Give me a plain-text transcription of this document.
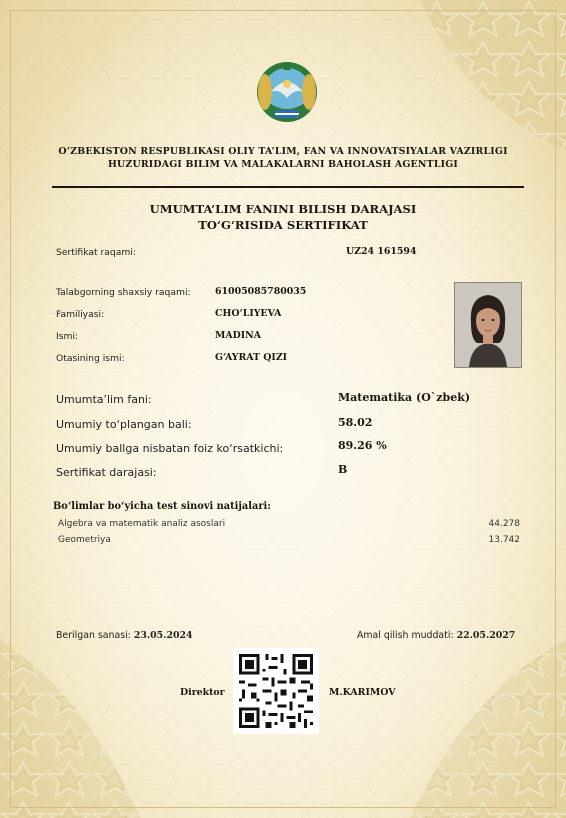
O‘ZBEKISTON RESPUBLIKASI OLIY TA’LIM, FAN VA INNOVATSIYALAR VAZIRLIGI
HUZURIDAGI BILIM VA MALAKALARNI BAHOLASH AGENTLIGI
UMUMTA’LIM FANINI BILISH DARAJASI
TO‘G‘RISIDA SERTIFIKAT
Sertifikat raqami:	UZ24 161594
Talabgorning shaxsiy raqami:	61005085780035
Familiyasi:	CHO‘LIYEVA
Ismi:	MADINA
Otasining ismi:	G‘AYRAT QIZI
Umumta’lim fani:	Matematika (O`zbek)
Umumiy to‘plangan bali:	58.02
Umumiy ballga nisbatan foiz ko‘rsatkichi:	89.26 %
Sertifikat darajasi:	B
Bo‘limlar bo‘yicha test sinovi natijalari:
Algebra va matematik analiz asoslari	44.278
Geometriya	13.742
Berilgan sanasi: 23.05.2024	Amal qilish muddati: 22.05.2027
Direktor	M.KARIMOV
